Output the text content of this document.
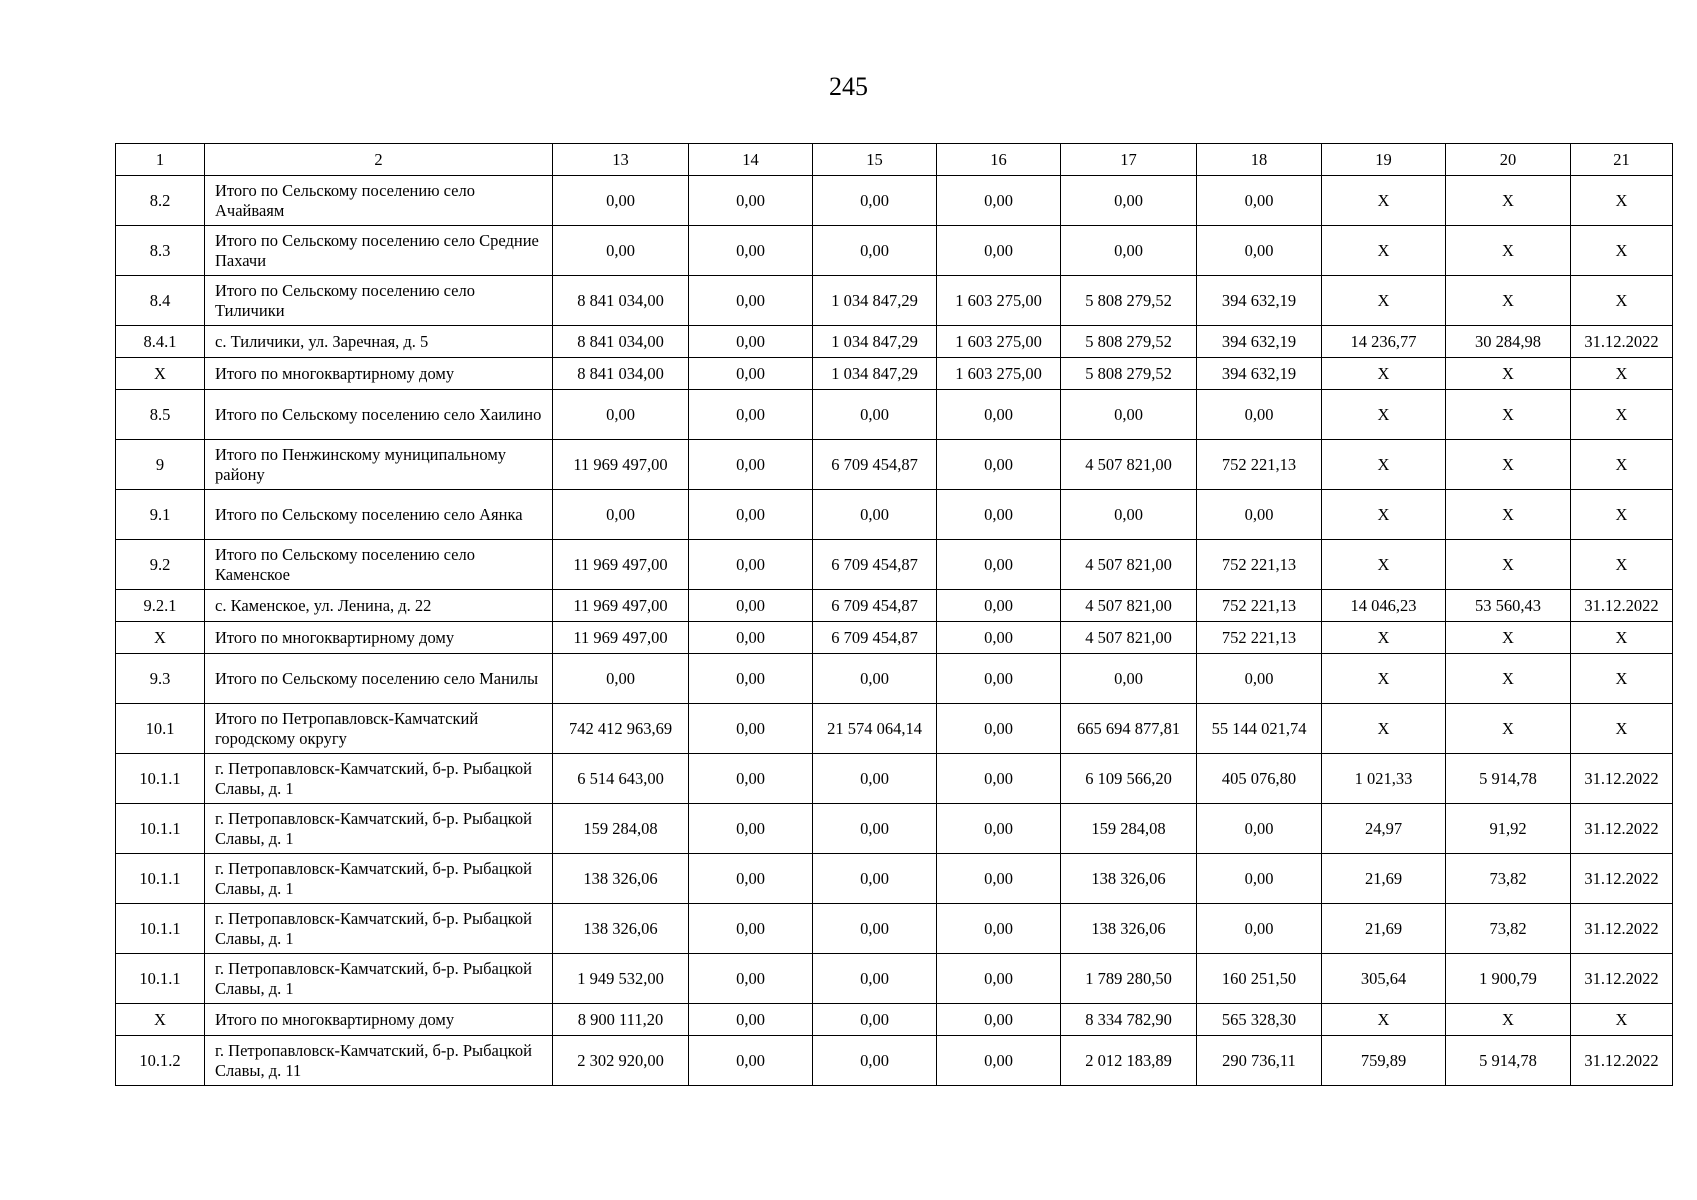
245
1	2	13	14	15	16	17	18	19	20	21
8.2	Итого по Сельскому поселению село Ачайваям	0,00	0,00	0,00	0,00	0,00	0,00	X	X	X
8.3	Итого по Сельскому поселению село Средние Пахачи	0,00	0,00	0,00	0,00	0,00	0,00	X	X	X
8.4	Итого по Сельскому поселению село Тиличики	8 841 034,00	0,00	1 034 847,29	1 603 275,00	5 808 279,52	394 632,19	X	X	X
8.4.1	с. Тиличики, ул. Заречная, д. 5	8 841 034,00	0,00	1 034 847,29	1 603 275,00	5 808 279,52	394 632,19	14 236,77	30 284,98	31.12.2022
X	Итого по многоквартирному дому	8 841 034,00	0,00	1 034 847,29	1 603 275,00	5 808 279,52	394 632,19	X	X	X
8.5	Итого по Сельскому поселению село Хаилино	0,00	0,00	0,00	0,00	0,00	0,00	X	X	X
9	Итого по Пенжинскому муниципальному району	11 969 497,00	0,00	6 709 454,87	0,00	4 507 821,00	752 221,13	X	X	X
9.1	Итого по Сельскому поселению село Аянка	0,00	0,00	0,00	0,00	0,00	0,00	X	X	X
9.2	Итого по Сельскому поселению село Каменское	11 969 497,00	0,00	6 709 454,87	0,00	4 507 821,00	752 221,13	X	X	X
9.2.1	с. Каменское, ул. Ленина, д. 22	11 969 497,00	0,00	6 709 454,87	0,00	4 507 821,00	752 221,13	14 046,23	53 560,43	31.12.2022
X	Итого по многоквартирному дому	11 969 497,00	0,00	6 709 454,87	0,00	4 507 821,00	752 221,13	X	X	X
9.3	Итого по Сельскому поселению село Манилы	0,00	0,00	0,00	0,00	0,00	0,00	X	X	X
10.1	Итого по Петропавловск-Камчатский городскому округу	742 412 963,69	0,00	21 574 064,14	0,00	665 694 877,81	55 144 021,74	X	X	X
10.1.1	г. Петропавловск-Камчатский, б-р. Рыбацкой Славы, д. 1	6 514 643,00	0,00	0,00	0,00	6 109 566,20	405 076,80	1 021,33	5 914,78	31.12.2022
10.1.1	г. Петропавловск-Камчатский, б-р. Рыбацкой Славы, д. 1	159 284,08	0,00	0,00	0,00	159 284,08	0,00	24,97	91,92	31.12.2022
10.1.1	г. Петропавловск-Камчатский, б-р. Рыбацкой Славы, д. 1	138 326,06	0,00	0,00	0,00	138 326,06	0,00	21,69	73,82	31.12.2022
10.1.1	г. Петропавловск-Камчатский, б-р. Рыбацкой Славы, д. 1	138 326,06	0,00	0,00	0,00	138 326,06	0,00	21,69	73,82	31.12.2022
10.1.1	г. Петропавловск-Камчатский, б-р. Рыбацкой Славы, д. 1	1 949 532,00	0,00	0,00	0,00	1 789 280,50	160 251,50	305,64	1 900,79	31.12.2022
X	Итого по многоквартирному дому	8 900 111,20	0,00	0,00	0,00	8 334 782,90	565 328,30	X	X	X
10.1.2	г. Петропавловск-Камчатский, б-р. Рыбацкой Славы, д. 11	2 302 920,00	0,00	0,00	0,00	2 012 183,89	290 736,11	759,89	5 914,78	31.12.2022
